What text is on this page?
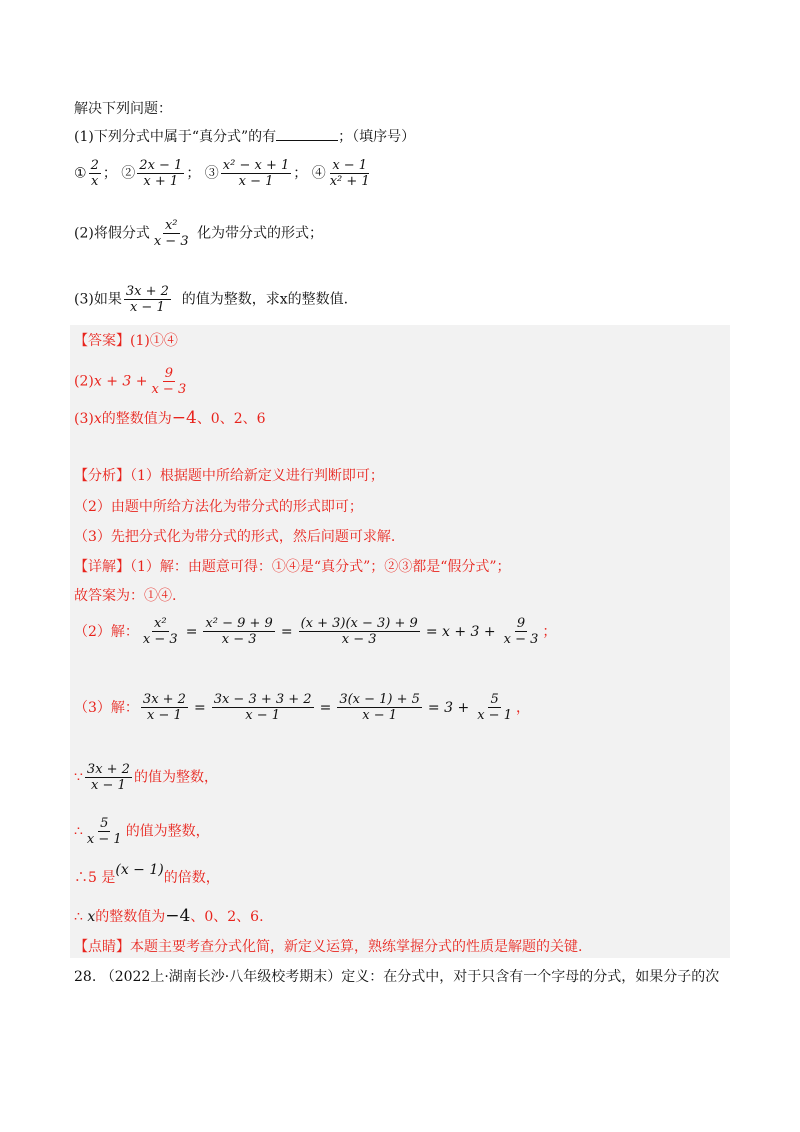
解决下列问题：
(1)下列分式中属于“真分式”的有	；（填序号）
① $\frac{2}{x}$ ； ② $\frac{2x - 1}{x + 1}$ ； ③ $\frac{\text{x² − x + 1}}{x - 1}$ ； ④ $\frac{x - 1}{\text{x² + 1}}$
(2)将假分式 $\frac{\text{x²}}{x - 3}$ 化为带分式的形式；
(3)如果 $\frac{3x + 2}{x - 1}$ 的值为整数，求x的整数值.
【答案】(1)①④
$(2)x + 3 + \frac{9}{x - 3}$
(3)x的整数值为−4、0、2、6
【分析】（1）根据题中所给新定义进行判断即可；
（2）由题中所给方法化为带分式的形式即可；
（3）先把分式化为带分式的形式，然后问题可求解.
【详解】（1）解：由题意可得：①④是“真分式”；②③都是“假分式”；
故答案为：①④.
（2）解： $\frac{\text{x²}}{x - 3} = \frac{\text{x² − 9 + 9}}{x - 3} = \frac{(x + 3)(x - 3) + 9}{x - 3} = x + 3 + \frac{9}{x - 3}$ ；
（3）解： $\frac{3x + 2}{x - 1} = \frac{3x - 3 + 3 + 2}{x - 1} = \frac{3(x - 1) + 5}{x - 1} = 3 + \frac{5}{x - 1}$ ，
∵ $\frac{3x + 2}{x - 1}$ 的值为整数，
∴ $\frac{5}{x - 1}$ 的值为整数，
∴5 是(x − 1)的倍数，
∴ x的整数值为−4、0、2、6.
【点睛】本题主要考查分式化简，新定义运算，熟练掌握分式的性质是解题的关键.
28. （2022上·湖南长沙·八年级校考期末）定义：在分式中，对于只含有一个字母的分式，如果分子的次
